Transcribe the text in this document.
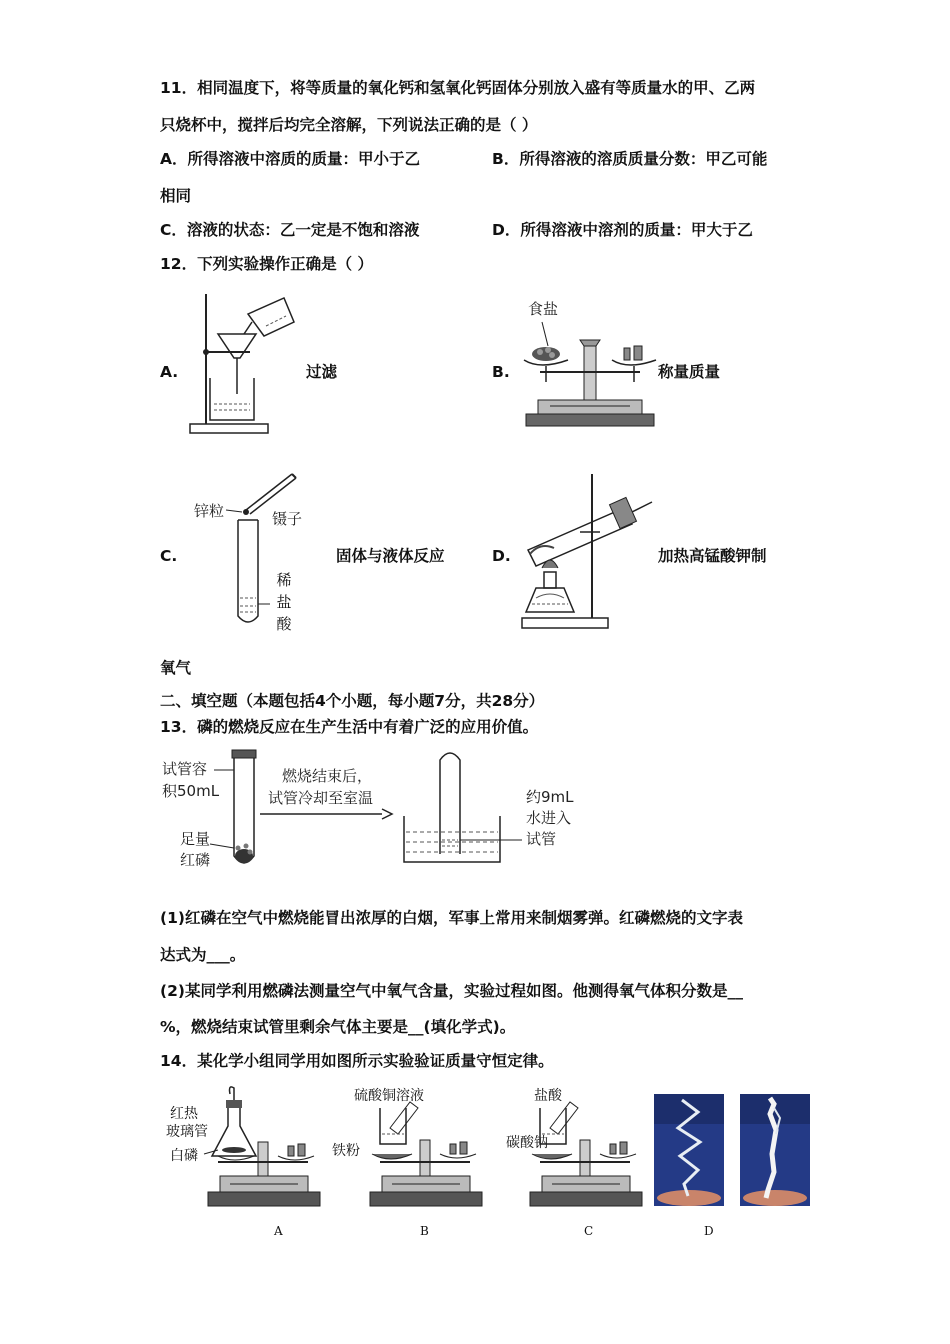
11．相同温度下，将等质量的氧化钙和氢氧化钙固体分别放入盛有等质量水的甲、乙两
只烧杯中，搅拌后均完全溶解，下列说法正确的是（ ）
A．所得溶液中溶质的质量：甲小于乙	B．所得溶液的溶质质量分数：甲乙可能
相同
C．溶液的状态：乙一定是不饱和溶液	D．所得溶液中溶剂的质量：甲大于乙
12．下列实验操作正确是（ ）
A.	过滤
食盐
B.	称量质量
锌粒	镊子
稀
盐
酸
C.	固体与液体反应	D.	加热高锰酸钾制
氧气
二、填空题（本题包括4个小题，每小题7分，共28分）
13．磷的燃烧反应在生产生活中有着广泛的应用价值。
试管容
积50mL
足量
红磷
燃烧结束后，
试管冷却至室温	约9mL
水进入
试管
(1)红磷在空气中燃烧能冒出浓厚的白烟，军事上常用来制烟雾弹。红磷燃烧的文字表
达式为___。
(2)某同学利用燃磷法测量空气中氧气含量，实验过程如图。他测得氧气体积分数是__
%，燃烧结束试管里剩余气体主要是__(填化学式)。
14．某化学小组同学用如图所示实验验证质量守恒定律。
红热
玻璃管
白磷
A
硫酸铜溶液
铁粉
B
盐酸
碳酸钠
C	D
